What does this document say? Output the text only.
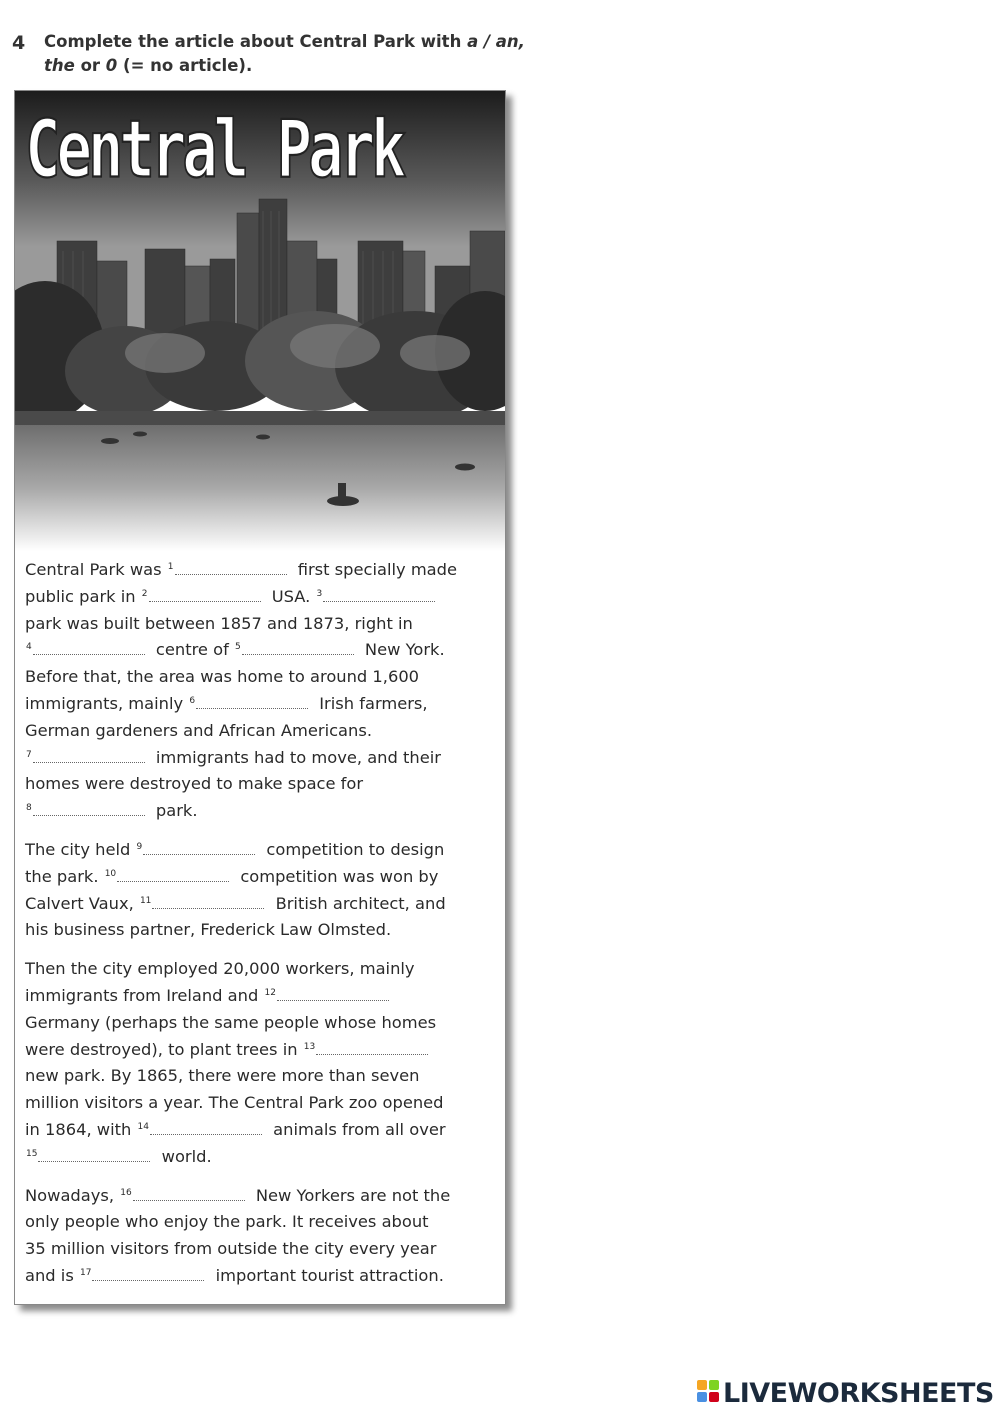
4 Complete the article about Central Park with a / an,
the or 0 (= no article).
Central Park
Central Park was $^1$	first specially made
public park in $^2$	USA. $^3$
park was built between 1857 and 1873, right in
$^4$	centre of $^5$	New York.
Before that, the area was home to around 1,600
immigrants, mainly $^6$	Irish farmers,
German gardeners and African Americans.
$^7$	immigrants had to move, and their
homes were destroyed to make space for
$^8$	park.
The city held $^9$	competition to design
the park. $^{10}$	competition was won by
Calvert Vaux, $^{11}$	British architect, and
his business partner, Frederick Law Olmsted.
Then the city employed 20,000 workers, mainly
immigrants from Ireland and $^{12}$
Germany (perhaps the same people whose homes
were destroyed), to plant trees in $^{13}$
new park. By 1865, there were more than seven
million visitors a year. The Central Park zoo opened
in 1864, with $^{14}$	animals from all over
$^{15}$	world.
Nowadays, $^{16}$	New Yorkers are not the
only people who enjoy the park. It receives about
35 million visitors from outside the city every year
and is $^{17}$	important tourist attraction.
LIVEWORKSHEETS
